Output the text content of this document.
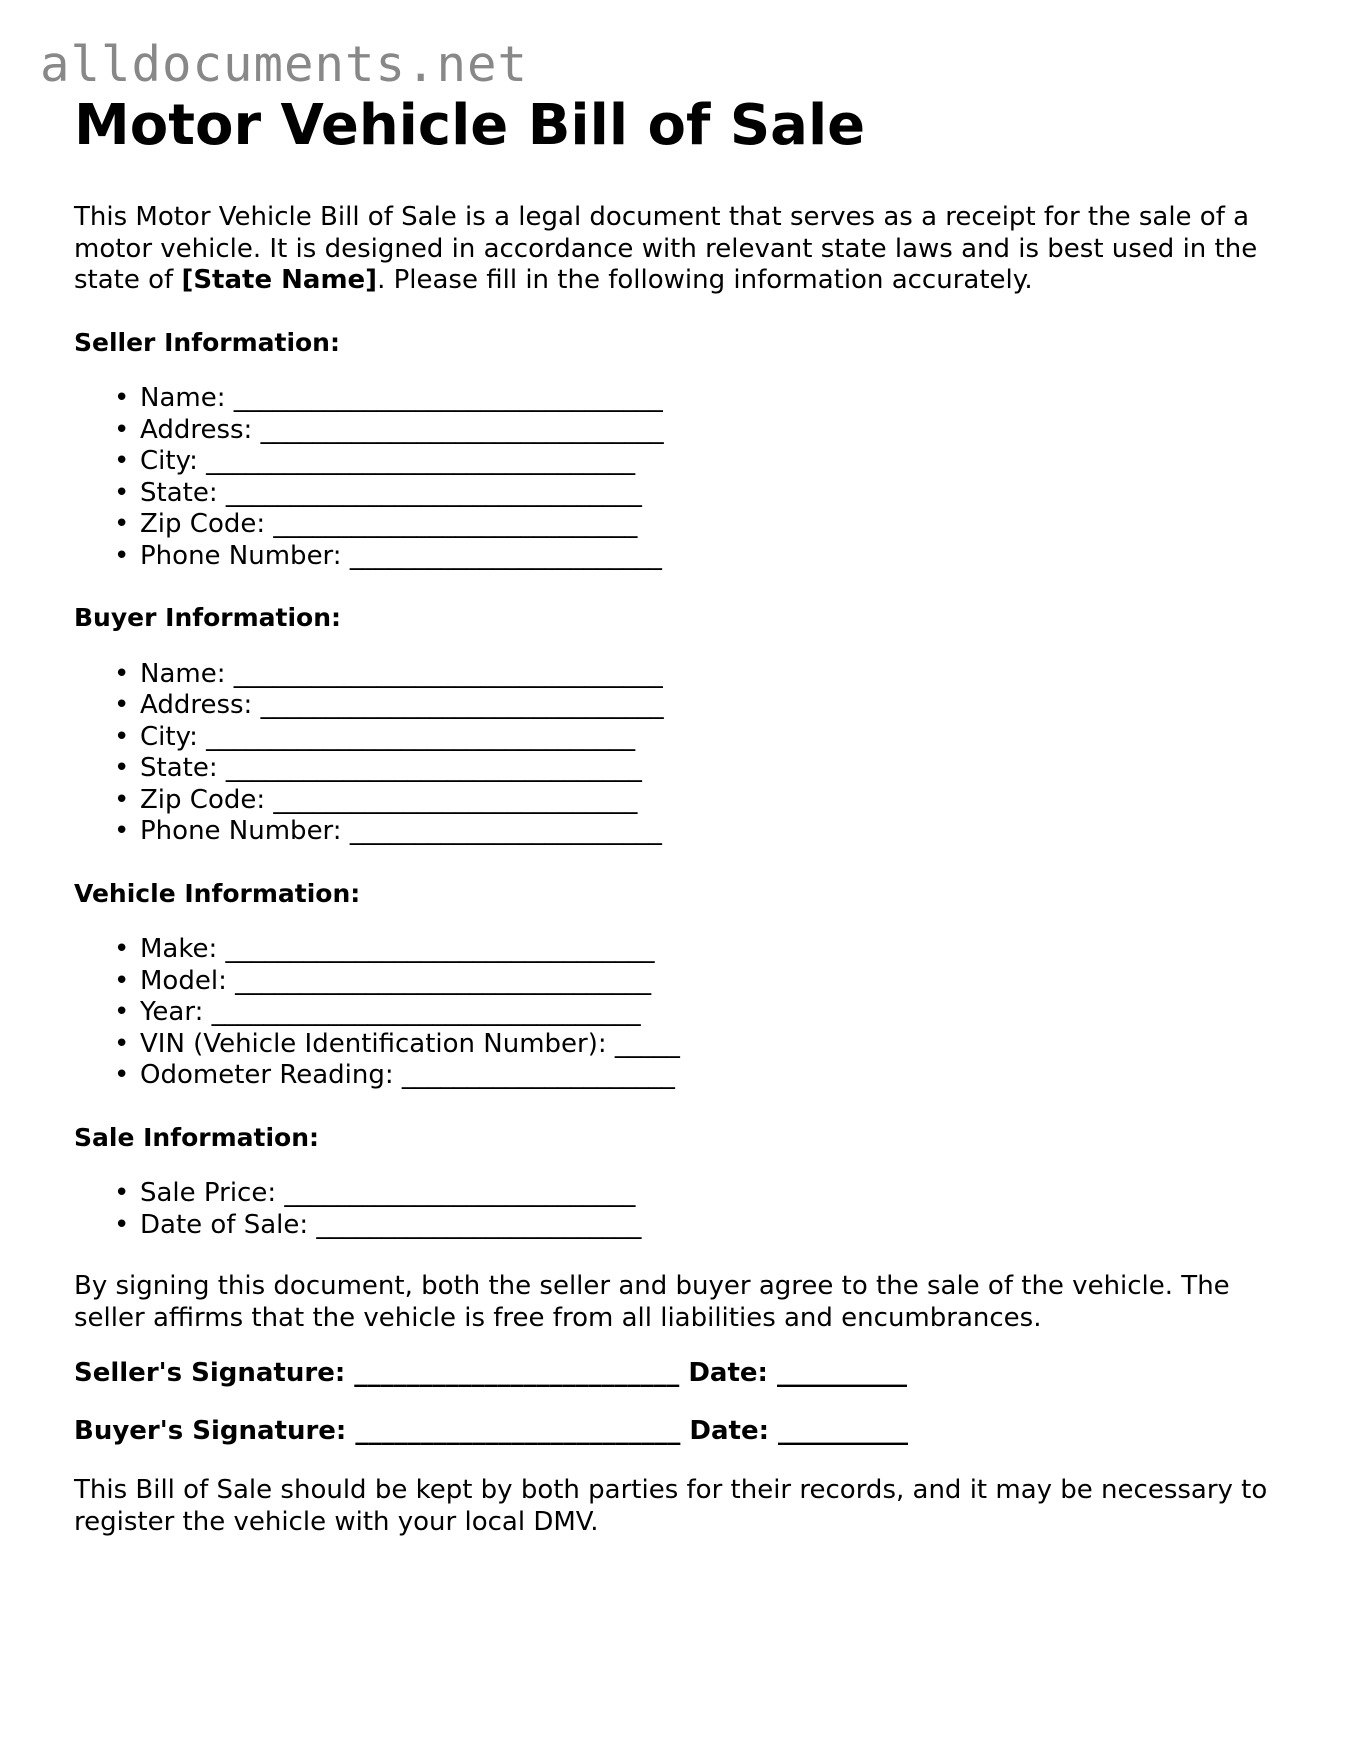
alldocuments.net
Motor Vehicle Bill of Sale

This Motor Vehicle Bill of Sale is a legal document that serves as a receipt for the sale of a motor vehicle. It is designed in accordance with relevant state laws and is best used in the state of [State Name]. Please fill in the following information accurately.

Seller Information:
• Name: _________________________________
• Address: _______________________________
• City: _________________________________
• State: ________________________________
• Zip Code: ____________________________
• Phone Number: ________________________
Buyer Information:
• Name: _________________________________
• Address: _______________________________
• City: _________________________________
• State: ________________________________
• Zip Code: ____________________________
• Phone Number: ________________________
Vehicle Information:
• Make: _________________________________
• Model: ________________________________
• Year: _________________________________
• VIN (Vehicle Identification Number): _____
• Odometer Reading: _____________________
Sale Information:
• Sale Price: ___________________________
• Date of Sale: _________________________

By signing this document, both the seller and buyer agree to the sale of the vehicle. The seller affirms that the vehicle is free from all liabilities and encumbrances.

Seller's Signature: _________________________ Date: __________
Buyer's Signature: _________________________ Date: __________

This Bill of Sale should be kept by both parties for their records, and it may be necessary to register the vehicle with your local DMV.
